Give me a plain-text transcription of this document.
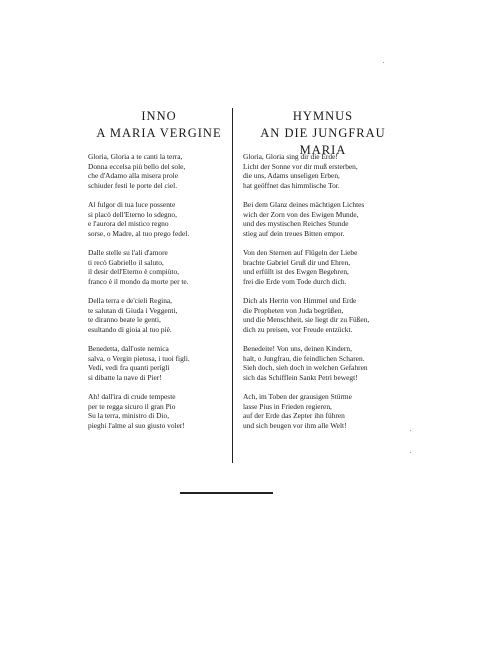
INNO
A MARIA VERGINE
Gloria, Gloria a te canti la terra,
Donna eccelsa più bello del sole,
che d'Adamo alla misera prole
schiuder festi le porte del ciel.
Al fulgor di tua luce possente
si placò dell'Eterno lo sdegno,
e l'aurora del mistico regno
sorse, o Madre, al tuo prego fedel.
Dalle stelle su l'ali d'amore
ti recò Gabriello il saluto,
il desir dell'Eterno è compiùto,
franco è il mondo da morte per te.
Della terra e de'cieli Regina,
te salutan di Giuda i Veggenti,
te diranno beate le genti,
esultando di gioia al tuo piè.
Benedetta, dall'oste nemica
salva, o Vergin pietosa, i tuoi figli.
Vedi, vedi fra quanti perigli
si dibatte la nave di Pier!
Ah! dall'ira di crude tempeste
per te regga sicuro il gran Pio
Su la terra, ministro di Dio,
pieghi l'alme al suo giusto voler!
HYMNUS
AN DIE JUNGFRAU MARIA
Gloria, Gloria sing dir die Erde!
Licht der Sonne vor dir muß ersterben,
die uns, Adams unseligen Erben,
hat geöffnet das himmlische Tor.
Bei dem Glanz deines mächtigen Lichtes
wich der Zorn von des Ewigen Munde,
und des mystischen Reiches Stunde
stieg auf dein treues Bitten empor.
Von den Sternen auf Flügeln der Liebe
brachte Gabriel Gruß dir und Ehren,
und erfüllt ist des Ewgen Begehren,
frei die Erde vom Tode durch dich.
Dich als Herrin von Himmel und Erde
die Propheten von Juda begrüßen,
und die Menschheit, sie liegt dir zu Füßen,
dich zu preisen, vor Freude entzückt.
Benedeite! Von uns, deinen Kindern,
halt, o Jungfrau, die feindlichen Scharen.
Sieh doch, sieh doch in welchen Gefahren
sich das Schifflein Sankt Petri bewegt!
Ach, im Toben der grausigen Stürme
lasse Pius in Frieden regieren,
auf der Erde das Zepter ihn führen
und sich beugen vor ihm alle Welt!
